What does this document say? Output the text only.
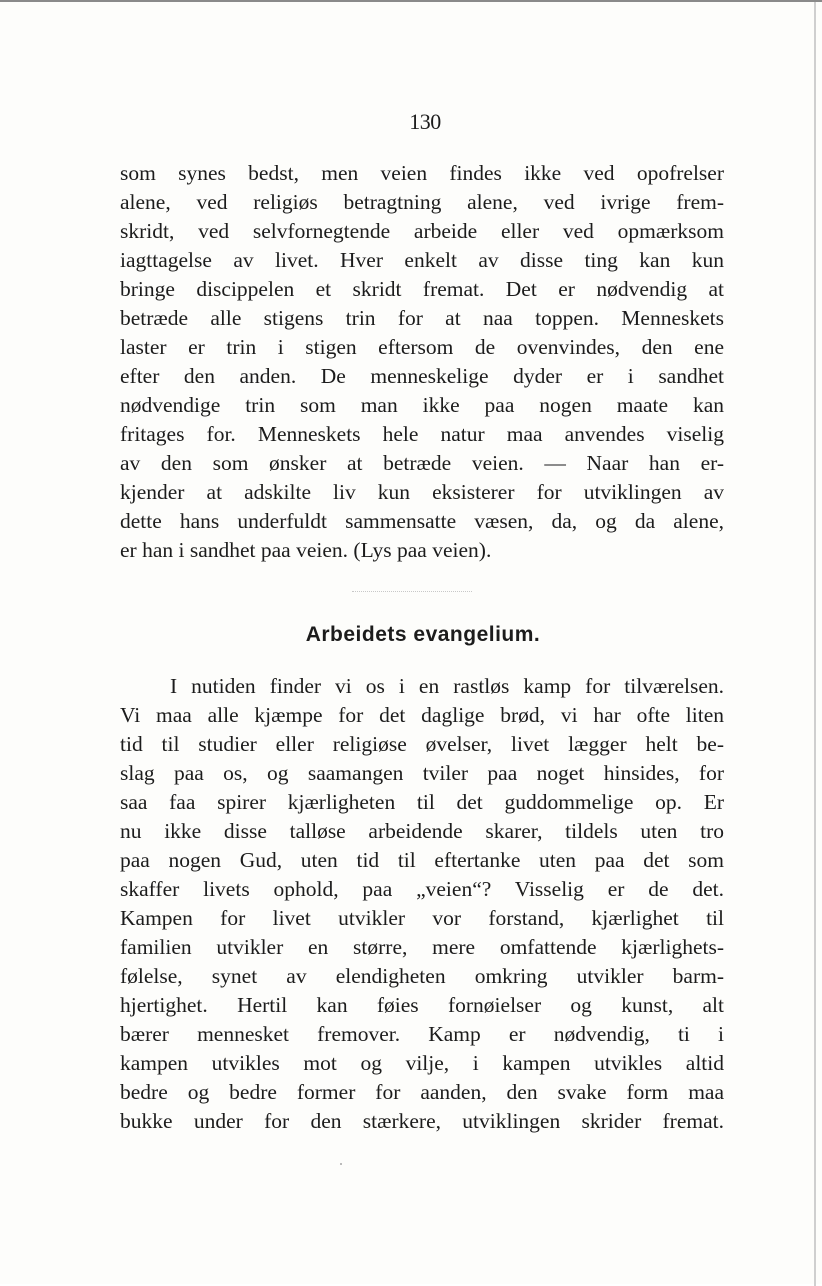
130
som synes bedst, men veien findes ikke ved opofrelser
alene, ved religiøs betragtning alene, ved ivrige frem-
skridt, ved selvfornegtende arbeide eller ved opmærksom
iagttagelse av livet. Hver enkelt av disse ting kan kun
bringe discippelen et skridt fremat. Det er nødvendig at
betræde alle stigens trin for at naa toppen. Menneskets
laster er trin i stigen eftersom de ovenvindes, den ene
efter den anden. De menneskelige dyder er i sandhet
nødvendige trin som man ikke paa nogen maate kan
fritages for. Menneskets hele natur maa anvendes viselig
av den som ønsker at betræde veien. — Naar han er-
kjender at adskilte liv kun eksisterer for utviklingen av
dette hans underfuldt sammensatte væsen, da, og da alene,
er han i sandhet paa veien. (Lys paa veien).
Arbeidets evangelium.
I nutiden finder vi os i en rastløs kamp for tilværelsen.
Vi maa alle kjæmpe for det daglige brød, vi har ofte liten
tid til studier eller religiøse øvelser, livet lægger helt be-
slag paa os, og saamangen tviler paa noget hinsides, for
saa faa spirer kjærligheten til det guddommelige op. Er
nu ikke disse talløse arbeidende skarer, tildels uten tro
paa nogen Gud, uten tid til eftertanke uten paa det som
skaffer livets ophold, paa „veien“? Visselig er de det.
Kampen for livet utvikler vor forstand, kjærlighet til
familien utvikler en større, mere omfattende kjærlighets-
følelse, synet av elendigheten omkring utvikler barm-
hjertighet. Hertil kan føies fornøielser og kunst, alt
bærer mennesket fremover. Kamp er nødvendig, ti i
kampen utvikles mot og vilje, i kampen utvikles altid
bedre og bedre former for aanden, den svake form maa
bukke under for den stærkere, utviklingen skrider fremat.
